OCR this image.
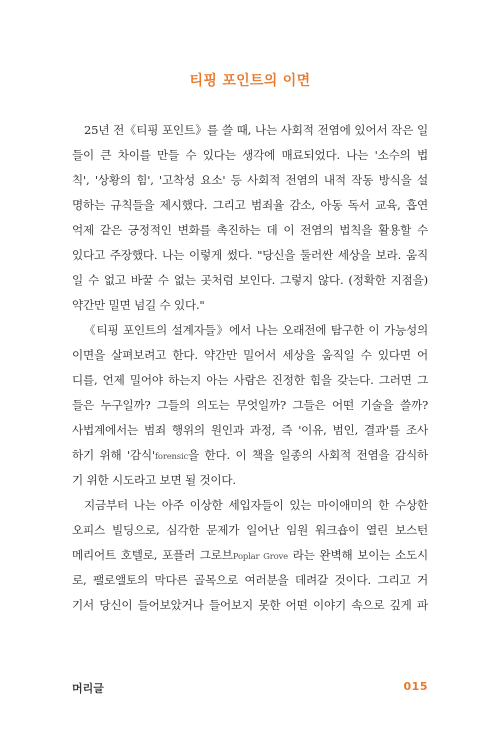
티핑 포인트의 이면
25년 전《티핑 포인트》를 쓸 때, 나는 사회적 전염에 있어서 작은 일
들이 큰 차이를 만들 수 있다는 생각에 매료되었다. 나는 '소수의 법
칙', '상황의 힘', '고착성 요소' 등 사회적 전염의 내적 작동 방식을 설
명하는 규칙들을 제시했다. 그리고 범죄율 감소, 아동 독서 교육, 흡연
억제 같은 긍정적인 변화를 촉진하는 데 이 전염의 법칙을 활용할 수
있다고 주장했다. 나는 이렇게 썼다. "당신을 둘러싼 세상을 보라. 움직
일 수 없고 바꿀 수 없는 곳처럼 보인다. 그렇지 않다. (정확한 지점을)
약간만 밀면 넘길 수 있다."
《티핑 포인트의 설계자들》에서 나는 오래전에 탐구한 이 가능성의
이면을 살펴보려고 한다. 약간만 밀어서 세상을 움직일 수 있다면 어
디를, 언제 밀어야 하는지 아는 사람은 진정한 힘을 갖는다. 그러면 그
들은 누구일까? 그들의 의도는 무엇일까? 그들은 어떤 기술을 쓸까?
사법계에서는 범죄 행위의 원인과 과정, 즉 '이유, 범인, 결과'를 조사
하기 위해 '감식'forensic을 한다. 이 책을 일종의 사회적 전염을 감식하
기 위한 시도라고 보면 될 것이다.
지금부터 나는 아주 이상한 세입자들이 있는 마이애미의 한 수상한
오피스 빌딩으로, 심각한 문제가 일어난 임원 워크숍이 열린 보스턴
메리어트 호텔로, 포플러 그로브Poplar Grove 라는 완벽해 보이는 소도시
로, 팰로앨토의 막다른 골목으로 여러분을 데려갈 것이다. 그리고 거
기서 당신이 들어보았거나 들어보지 못한 어떤 이야기 속으로 깊게 파
머리글	015
